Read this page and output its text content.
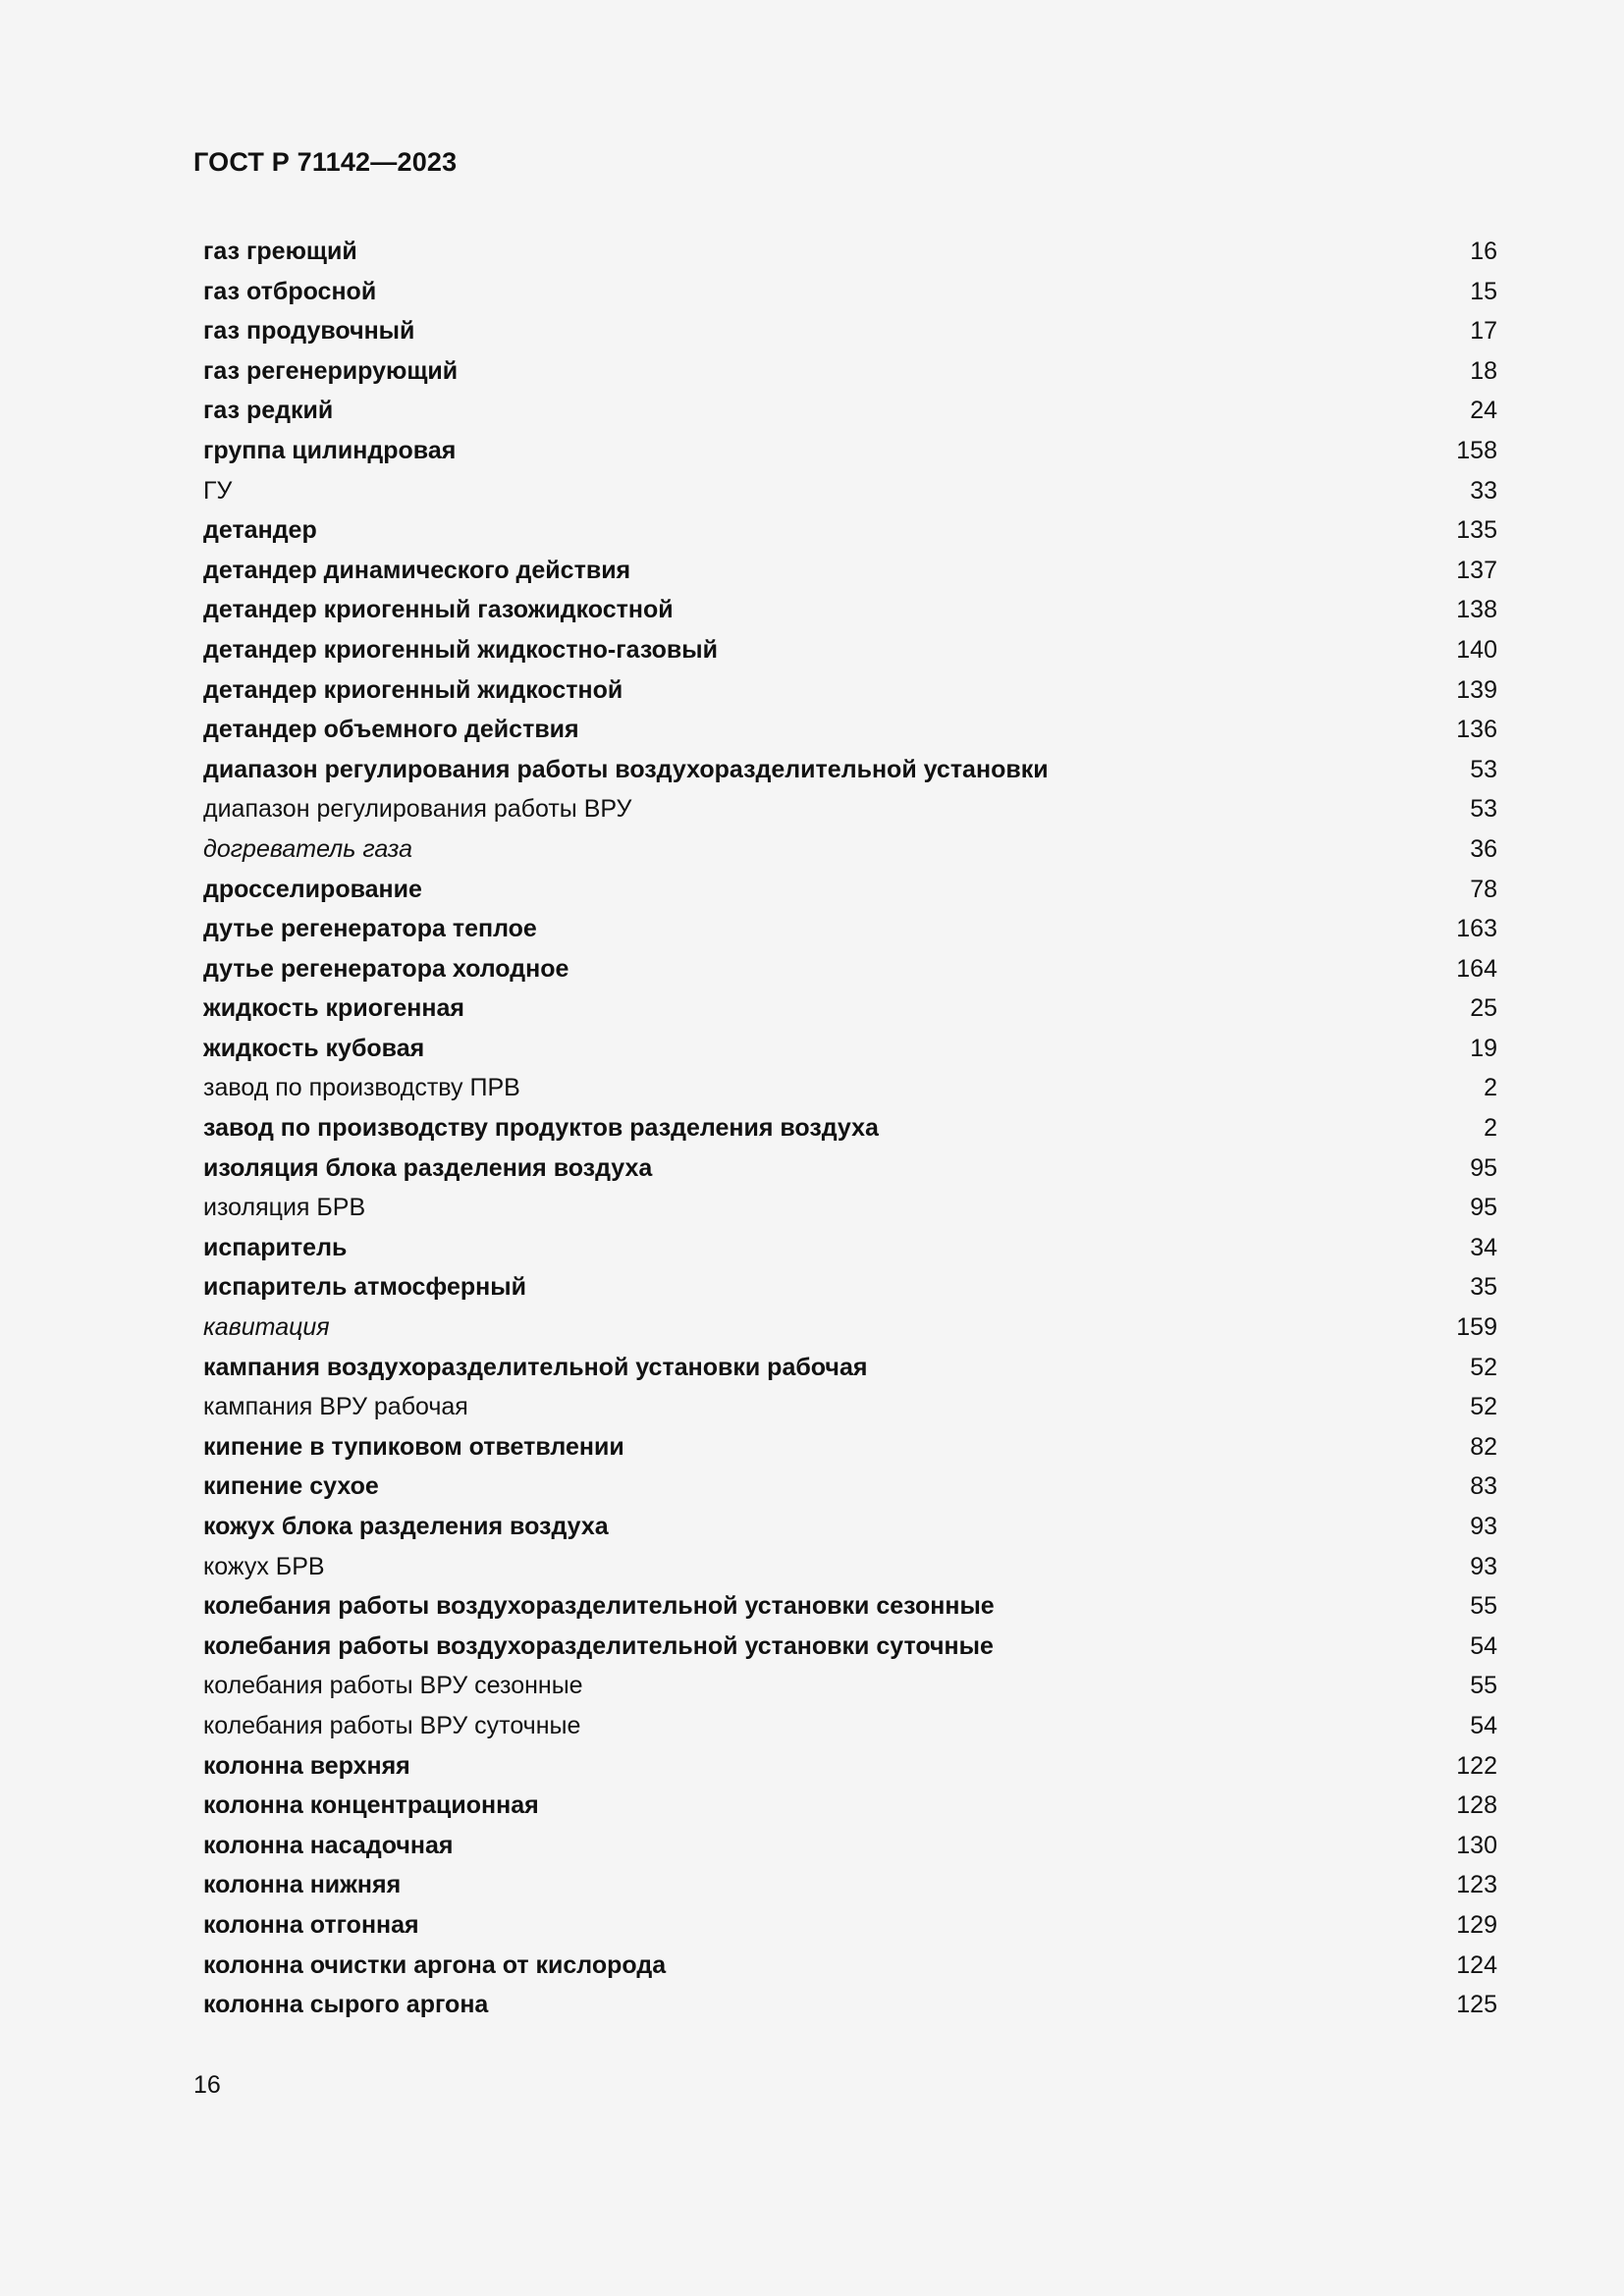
ГОСТ Р 71142—2023
газ греющий	16
газ отбросной	15
газ продувочный	17
газ регенерирующий	18
газ редкий	24
группа цилиндровая	158
ГУ	33
детандер	135
детандер динамического действия	137
детандер криогенный газожидкостной	138
детандер криогенный жидкостно-газовый	140
детандер криогенный жидкостной	139
детандер объемного действия	136
диапазон регулирования работы воздухоразделительной установки	53
диапазон регулирования работы ВРУ	53
догреватель газа	36
дросселирование	78
дутье регенератора теплое	163
дутье регенератора холодное	164
жидкость криогенная	25
жидкость кубовая	19
завод по производству ПРВ	2
завод по производству продуктов разделения воздуха	2
изоляция блока разделения воздуха	95
изоляция БРВ	95
испаритель	34
испаритель атмосферный	35
кавитация	159
кампания воздухоразделительной установки рабочая	52
кампания ВРУ рабочая	52
кипение в тупиковом ответвлении	82
кипение сухое	83
кожух блока разделения воздуха	93
кожух БРВ	93
колебания работы воздухоразделительной установки сезонные	55
колебания работы воздухоразделительной установки суточные	54
колебания работы ВРУ сезонные	55
колебания работы ВРУ суточные	54
колонна верхняя	122
колонна концентрационная	128
колонна насадочная	130
колонна нижняя	123
колонна отгонная	129
колонна очистки аргона от кислорода	124
колонна сырого аргона	125
16
